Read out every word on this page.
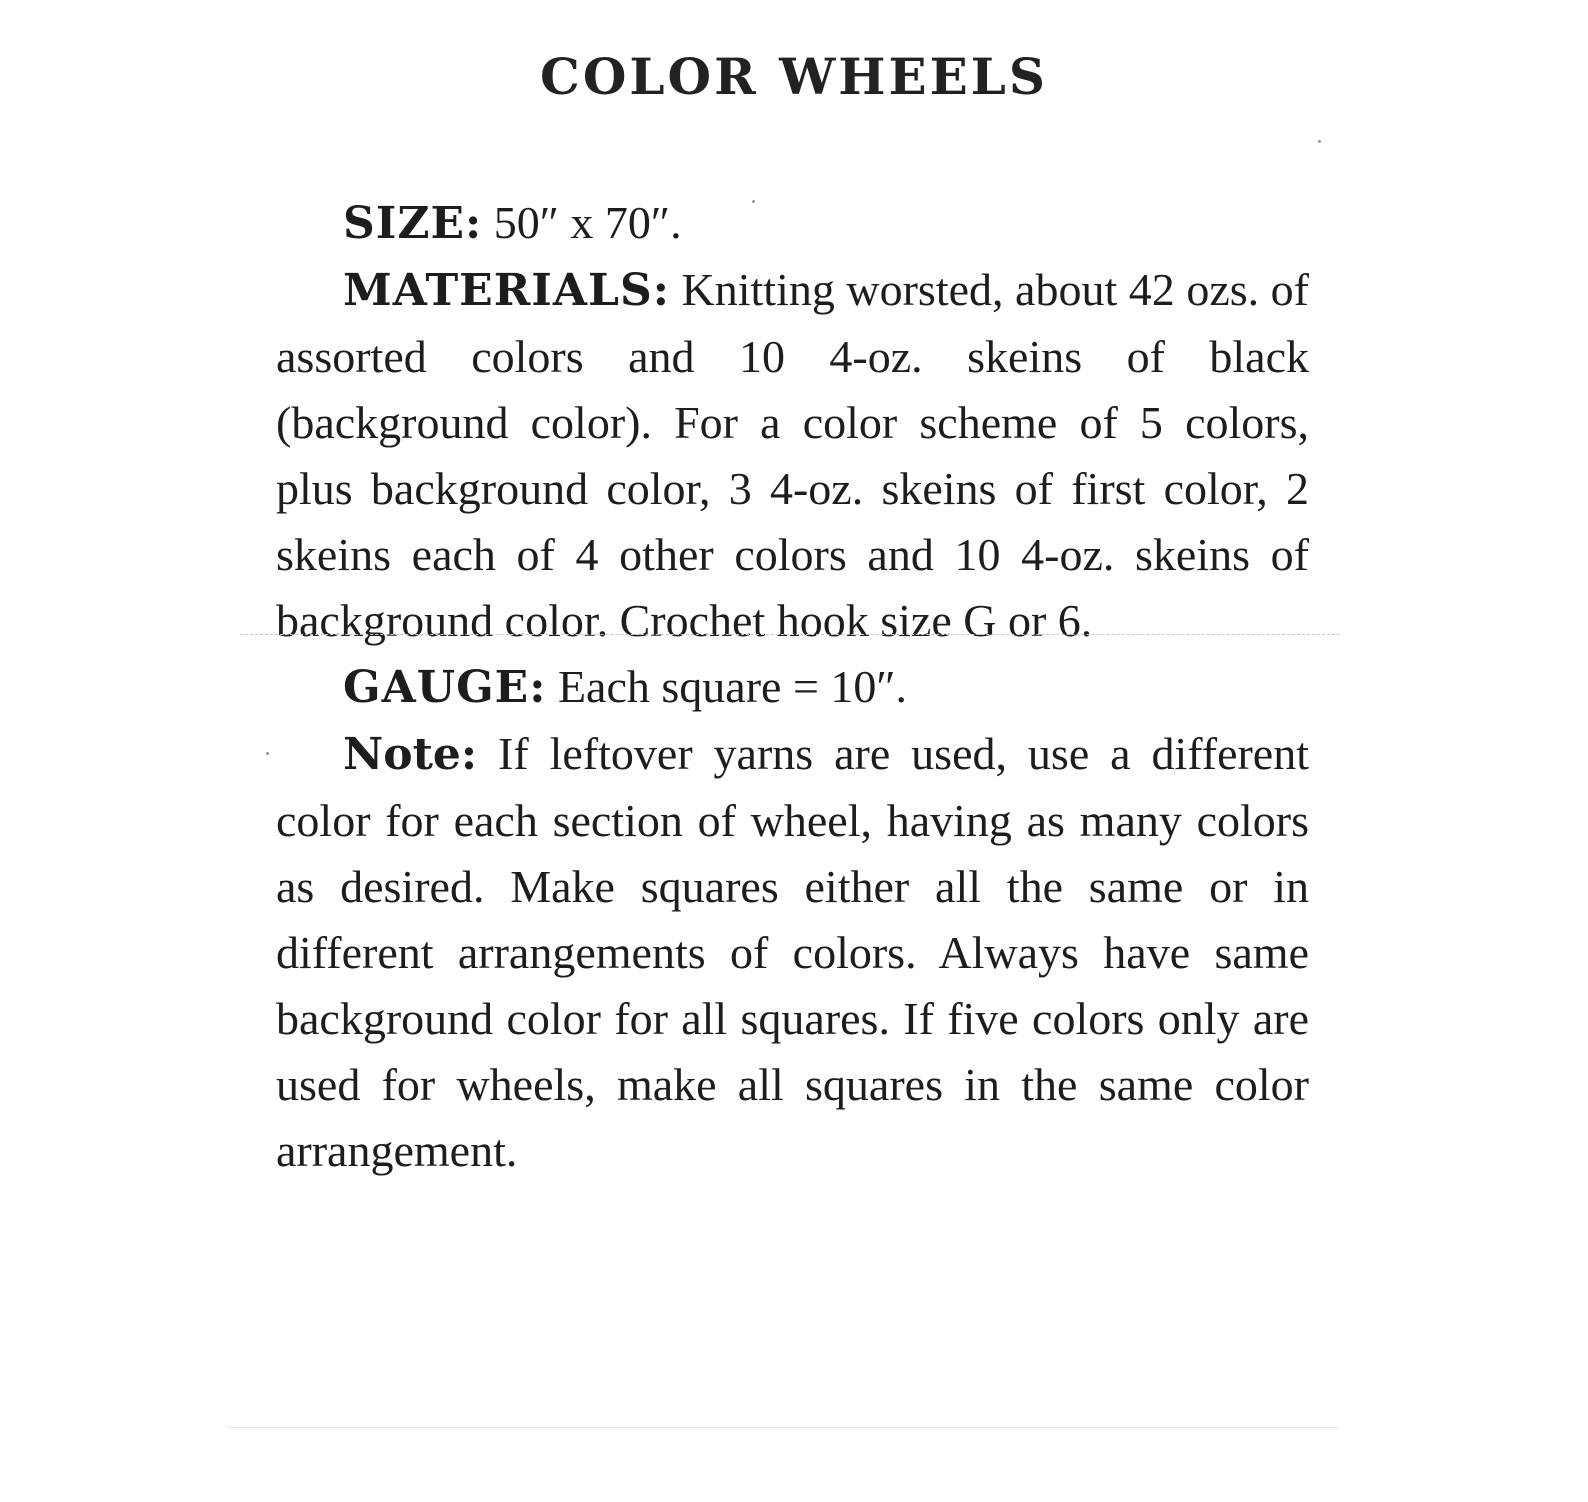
COLOR WHEELS

SIZE: 50″ x 70″.

MATERIALS: Knitting worsted, about 42 ozs. of assorted colors and 10 4-oz. skeins of black (background color). For a color scheme of 5 colors, plus background color, 3 4-oz. skeins of first color, 2 skeins each of 4 other colors and 10 4-oz. skeins of background color. Crochet hook size G or 6.

GAUGE: Each square = 10″.

Note: If leftover yarns are used, use a different color for each section of wheel, having as many colors as desired. Make squares either all the same or in different arrangements of colors. Always have same background color for all squares. If five colors only are used for wheels, make all squares in the same color arrangement.
